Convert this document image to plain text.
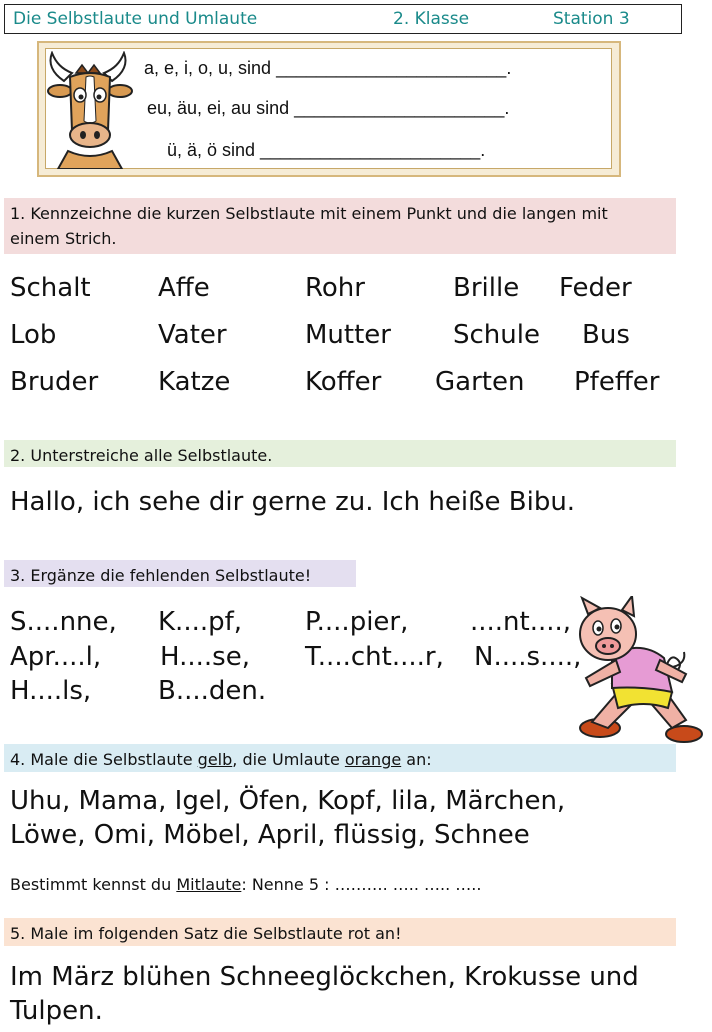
Die Selbstlaute und Umlaute	2. Klasse	Station 3
a, e, i, o, u, sind _______________________.
eu, äu, ei, au sind _____________________.
ü, ä, ö sind ______________________.
1. Kennzeichne die kurzen Selbstlaute mit einem Punkt und die langen mit
einem Strich.
Schalt	Affe	Rohr	Brille Feder
Lob	Vater	Mutter Schule Bus
Bruder Katze	Koffer Garten Pfeffer
2. Unterstreiche alle Selbstlaute.
Hallo, ich sehe dir gerne zu. Ich heiße Bibu.
3. Ergänze die fehlenden Selbstlaute!
S....nne, K....pf, P....pier, ....nt....,
Apr....l, H....se, T....cht....r, N....s....,
H....ls,	B....den.
4. Male die Selbstlaute gelb, die Umlaute orange an:
Uhu, Mama, Igel, Öfen, Kopf, lila, Märchen,
Löwe, Omi, Möbel, April, flüssig, Schnee
Bestimmt kennst du Mitlaute: Nenne 5 : ………. ….. ….. …..
5. Male im folgenden Satz die Selbstlaute rot an!
Im März blühen Schneeglöckchen, Krokusse und
Tulpen.
